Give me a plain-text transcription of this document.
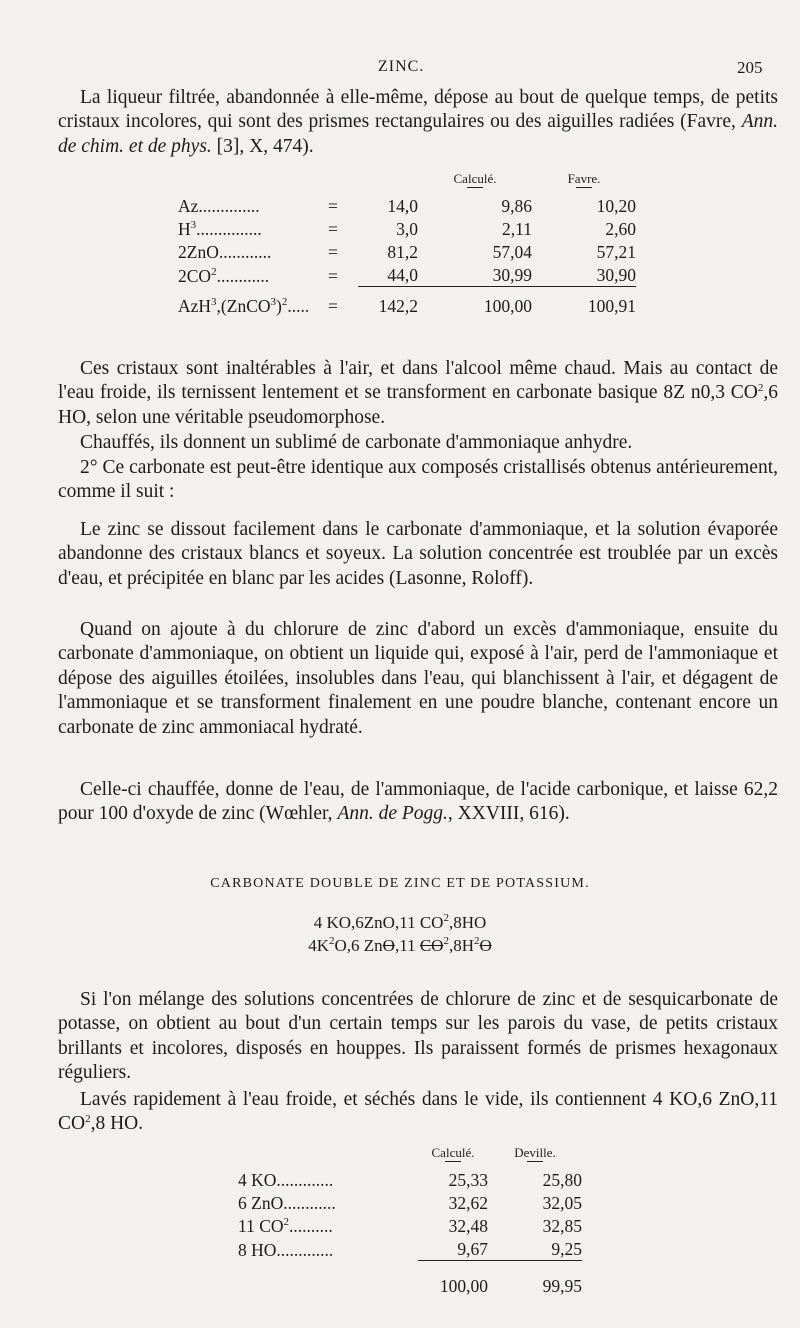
ZINC.	205

La liqueur filtrée, abandonnée à elle-même, dépose au bout de quelque temps, de petits cristaux incolores, qui sont des prismes rectangulaires ou des aiguilles radiées (Favre, Ann. de chim. et de phys. [3], X, 474).

			Calculé.	Favre.

Az..............	=	14,0	9,86	10,20
$H^3$...............	=	3,0	2,11	2,60
2ZnO............	=	81,2	57,04	57,21
$2CO^2$............	=	44,0	30,99	30,90
AzH$^3$,(ZnCO$^3$)$^2$.....	=	142,2	100,00	100,91

Ces cristaux sont inaltérables à l'air, et dans l'alcool même chaud. Mais au contact de l'eau froide, ils ternissent lentement et se transforment en carbonate basique 8Z n0,3 $CO^2,6$ HO, selon une véritable pseudomorphose.

Chauffés, ils donnent un sublimé de carbonate d'ammoniaque anhydre.

2° Ce carbonate est peut-être identique aux composés cristallisés obtenus antérieurement, comme il suit :

Le zinc se dissout facilement dans le carbonate d'ammoniaque, et la solution évaporée abandonne des cristaux blancs et soyeux. La solution concentrée est troublée par un excès d'eau, et précipitée en blanc par les acides (Lasonne, Roloff).

Quand on ajoute à du chlorure de zinc d'abord un excès d'ammoniaque, ensuite du carbonate d'ammoniaque, on obtient un liquide qui, exposé à l'air, perd de l'ammoniaque et dépose des aiguilles étoilées, insolubles dans l'eau, qui blanchissent à l'air, et dégagent de l'ammoniaque et se transforment finalement en une poudre blanche, contenant encore un carbonate de zinc ammoniacal hydraté.

Celle-ci chauffée, donne de l'eau, de l'ammoniaque, de l'acide carbonique, et laisse 62,2 pour 100 d'oxyde de zinc (Wœhler, Ann. de Pogg., XXVIII, 616).

CARBONATE DOUBLE DE ZINC ET DE POTASSIUM.
4 KO,6ZnO,11 $CO^2,8HO$
$4K^2O,6$ ZnO,11 $CO^2,8H^2O$

Si l'on mélange des solutions concentrées de chlorure de zinc et de sesquicarbonate de potasse, on obtient au bout d'un certain temps sur les parois du vase, de petits cristaux brillants et incolores, disposés en houppes. Ils paraissent formés de prismes hexagonaux réguliers.

Lavés rapidement à l'eau froide, et séchés dans le vide, ils contiennent 4 KO,6 ZnO,11 $CO^2,8$ HO.

	Calculé.	Deville.

4 KO.............	25,33	25,80
6 ZnO............	32,62	32,05
11 $CO^2$..........	32,48	32,85
8 HO.............	9,67	9,25
	100,00	99,95
